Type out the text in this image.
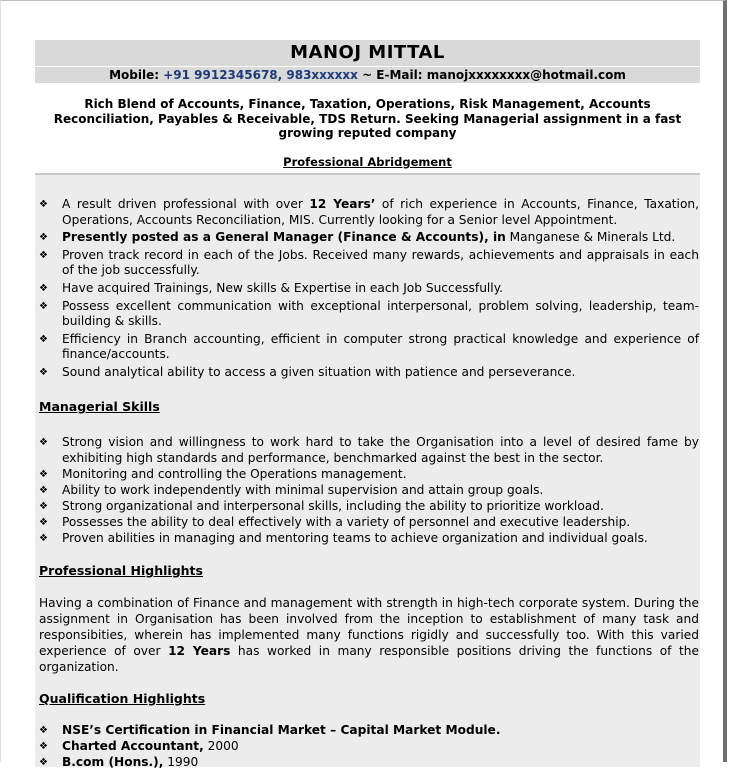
MANOJ MITTAL
Mobile: +91 9912345678, 983xxxxxx ~ E-Mail: manojxxxxxxxx@hotmail.com
Rich Blend of Accounts, Finance, Taxation, Operations, Risk Management, Accounts Reconciliation, Payables & Receivable, TDS Return. Seeking Managerial assignment in a fast growing reputed company
Professional Abridgement
❖ A result driven professional with over 12 Years’ of rich experience in Accounts, Finance, Taxation, Operations, Accounts Reconciliation, MIS. Currently looking for a Senior level Appointment.
❖ Presently posted as a General Manager (Finance & Accounts), in Manganese & Minerals Ltd.
❖ Proven track record in each of the Jobs. Received many rewards, achievements and appraisals in each of the job successfully.
❖ Have acquired Trainings, New skills & Expertise in each Job Successfully.
❖ Possess excellent communication with exceptional interpersonal, problem solving, leadership, team-building & skills.
❖ Efficiency in Branch accounting, efficient in computer strong practical knowledge and experience of finance/accounts.
❖ Sound analytical ability to access a given situation with patience and perseverance.
Managerial Skills
❖ Strong vision and willingness to work hard to take the Organisation into a level of desired fame by exhibiting high standards and performance, benchmarked against the best in the sector.
❖ Monitoring and controlling the Operations management.
❖ Ability to work independently with minimal supervision and attain group goals.
❖ Strong organizational and interpersonal skills, including the ability to prioritize workload.
❖ Possesses the ability to deal effectively with a variety of personnel and executive leadership.
❖ Proven abilities in managing and mentoring teams to achieve organization and individual goals.
Professional Highlights
Having a combination of Finance and management with strength in high-tech corporate system. During the assignment in Organisation has been involved from the inception to establishment of many task and responsibities, wherein has implemented many functions rigidly and successfully too. With this varied experience of over 12 Years has worked in many responsible positions driving the functions of the organization.
Qualification Highlights
❖ NSE’s Certification in Financial Market – Capital Market Module.
❖ Charted Accountant, 2000
❖ B.com (Hons.), 1990
